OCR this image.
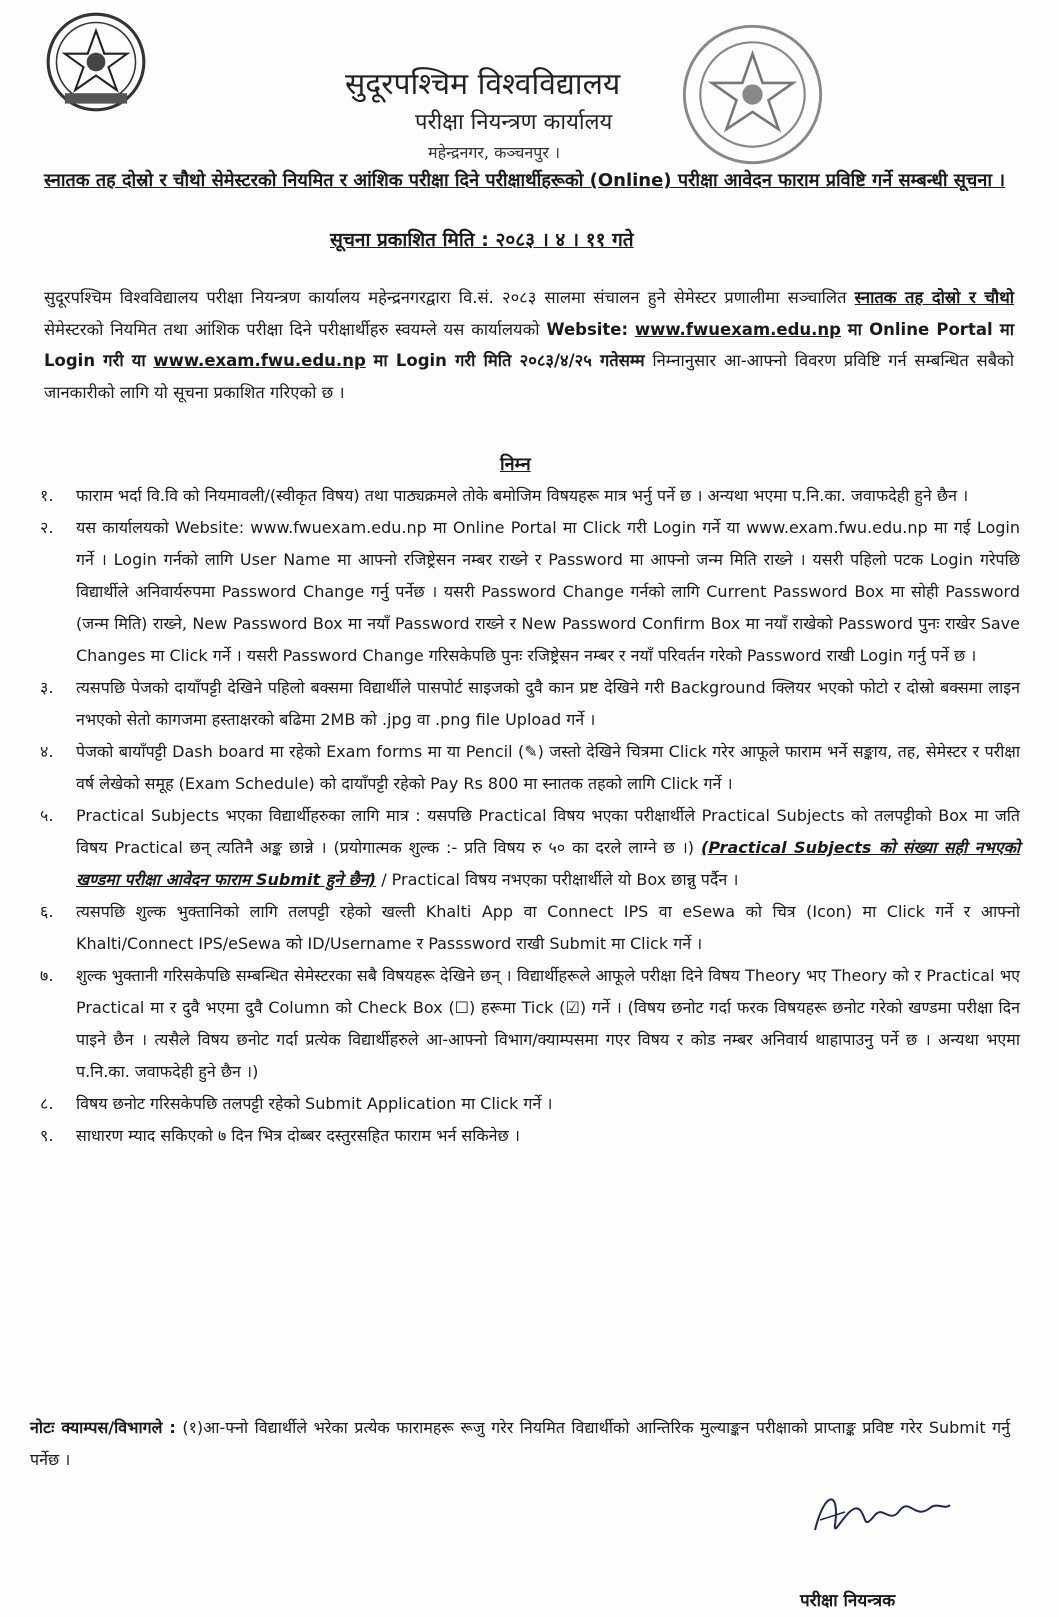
सुदूरपश्चिम विश्वविद्यालय
परीक्षा नियन्त्रण कार्यालय
महेन्द्रनगर, कञ्चनपुर ।
स्नातक तह दोस्रो र चौथो सेमेस्टरको नियमित र आंशिक परीक्षा दिने परीक्षार्थीहरूको (Online) परीक्षा आवेदन फाराम प्रविष्टि गर्ने सम्बन्धी सूचना ।
सूचना प्रकाशित मिति : २०८३ । ४ । ११ गते
सुदूरपश्चिम विश्वविद्यालय परीक्षा नियन्त्रण कार्यालय महेन्द्रनगरद्वारा वि.सं. २०८३ सालमा संचालन हुने सेमेस्टर प्रणालीमा सञ्चालित स्नातक तह दोस्रो र चौथो सेमेस्टरको नियमित तथा आंशिक परीक्षा दिने परीक्षार्थीहरु स्वयम्ले यस कार्यालयको Website: www.fwuexam.edu.np मा Online Portal मा Login गरी या www.exam.fwu.edu.np मा Login गरी मिति २०८३/४/२५ गतेसम्म निम्नानुसार आ-आफ्नो विवरण प्रविष्टि गर्न सम्बन्धित सबैको जानकारीको लागि यो सूचना प्रकाशित गरिएको छ ।
निम्न
१. फाराम भर्दा वि.वि को नियमावली/(स्वीकृत विषय) तथा पाठ्यक्रमले तोके बमोजिम विषयहरू मात्र भर्नु पर्ने छ । अन्यथा भएमा प.नि.का. जवाफदेही हुने छैन ।
२. यस कार्यालयको Website: www.fwuexam.edu.np मा Online Portal मा Click गरी Login गर्ने या www.exam.fwu.edu.np मा गई Login गर्ने । Login गर्नको लागि User Name मा आफ्नो रजिष्ट्रेसन नम्बर राख्ने र Password मा आफ्नो जन्म मिति राख्ने । यसरी पहिलो पटक Login गरेपछि विद्यार्थीले अनिवार्यरुपमा Password Change गर्नु पर्नेछ । यसरी Password Change गर्नको लागि Current Password Box मा सोही Password (जन्म मिति) राख्ने, New Password Box मा नयाँ Password राख्ने र New Password Confirm Box मा नयाँ राखेको Password पुनः राखेर Save Changes मा Click गर्ने । यसरी Password Change गरिसकेपछि पुनः रजिष्ट्रेसन नम्बर र नयाँ परिवर्तन गरेको Password राखी Login गर्नु पर्ने छ ।
३. त्यसपछि पेजको दायाँपट्टी देखिने पहिलो बक्समा विद्यार्थीले पासपोर्ट साइजको दुवै कान प्रष्ट देखिने गरी Background क्लियर भएको फोटो र दोस्रो बक्समा लाइन नभएको सेतो कागजमा हस्ताक्षरको बढिमा 2MB को .jpg वा .png file Upload गर्ने ।
४. पेजको बायाँपट्टी Dash board मा रहेको Exam forms मा या Pencil (✎) जस्तो देखिने चित्रमा Click गरेर आफूले फाराम भर्ने सङ्काय, तह, सेमेस्टर र परीक्षा वर्ष लेखेको समूह (Exam Schedule) को दायाँपट्टी रहेको Pay Rs 800 मा स्नातक तहको लागि Click गर्ने ।
५. Practical Subjects भएका विद्यार्थीहरुका लागि मात्र : यसपछि Practical विषय भएका परीक्षार्थीले Practical Subjects को तलपट्टीको Box मा जति विषय Practical छन् त्यतिनै अङ्क छान्ने । (प्रयोगात्मक शुल्क :- प्रति विषय रु ५० का दरले लाग्ने छ ।) (Practical Subjects को संख्या सही नभएको खण्डमा परीक्षा आवेदन फाराम Submit हुने छैन) / Practical विषय नभएका परीक्षार्थीले यो Box छान्नु पर्दैन ।
६. त्यसपछि शुल्क भुक्तानिको लागि तलपट्टी रहेको खल्ती Khalti App वा Connect IPS वा eSewa को चित्र (Icon) मा Click गर्ने र आफ्नो Khalti/Connect IPS/eSewa को ID/Username र Passsword राखी Submit मा Click गर्ने ।
७. शुल्क भुक्तानी गरिसकेपछि सम्बन्धित सेमेस्टरका सबै विषयहरू देखिने छन् । विद्यार्थीहरूले आफूले परीक्षा दिने विषय Theory भए Theory को र Practical भए Practical मा र दुवै भएमा दुवै Column को Check Box (☐) हरूमा Tick (☑) गर्ने । (विषय छनोट गर्दा फरक विषयहरू छनोट गरेको खण्डमा परीक्षा दिन पाइने छैन । त्यसैले विषय छनोट गर्दा प्रत्येक विद्यार्थीहरुले आ-आफ्नो विभाग/क्याम्पसमा गएर विषय र कोड नम्बर अनिवार्य थाहापाउनु पर्ने छ । अन्यथा भएमा प.नि.का. जवाफदेही हुने छैन ।)
८. विषय छनोट गरिसकेपछि तलपट्टी रहेको Submit Application मा Click गर्ने ।
९. साधारण म्याद सकिएको ७ दिन भित्र दोब्बर दस्तुरसहित फाराम भर्न सकिनेछ ।
नोटः क्याम्पस/विभागले : (१)आ-फ्नो विद्यार्थीले भरेका प्रत्येक फारामहरू रूजु गरेर नियमित विद्यार्थीको आन्तिरिक मुल्याङ्कन परीक्षाको प्राप्ताङ्क प्रविष्ट गरेर Submit गर्नु पर्नेछ ।
परीक्षा नियन्त्रक
